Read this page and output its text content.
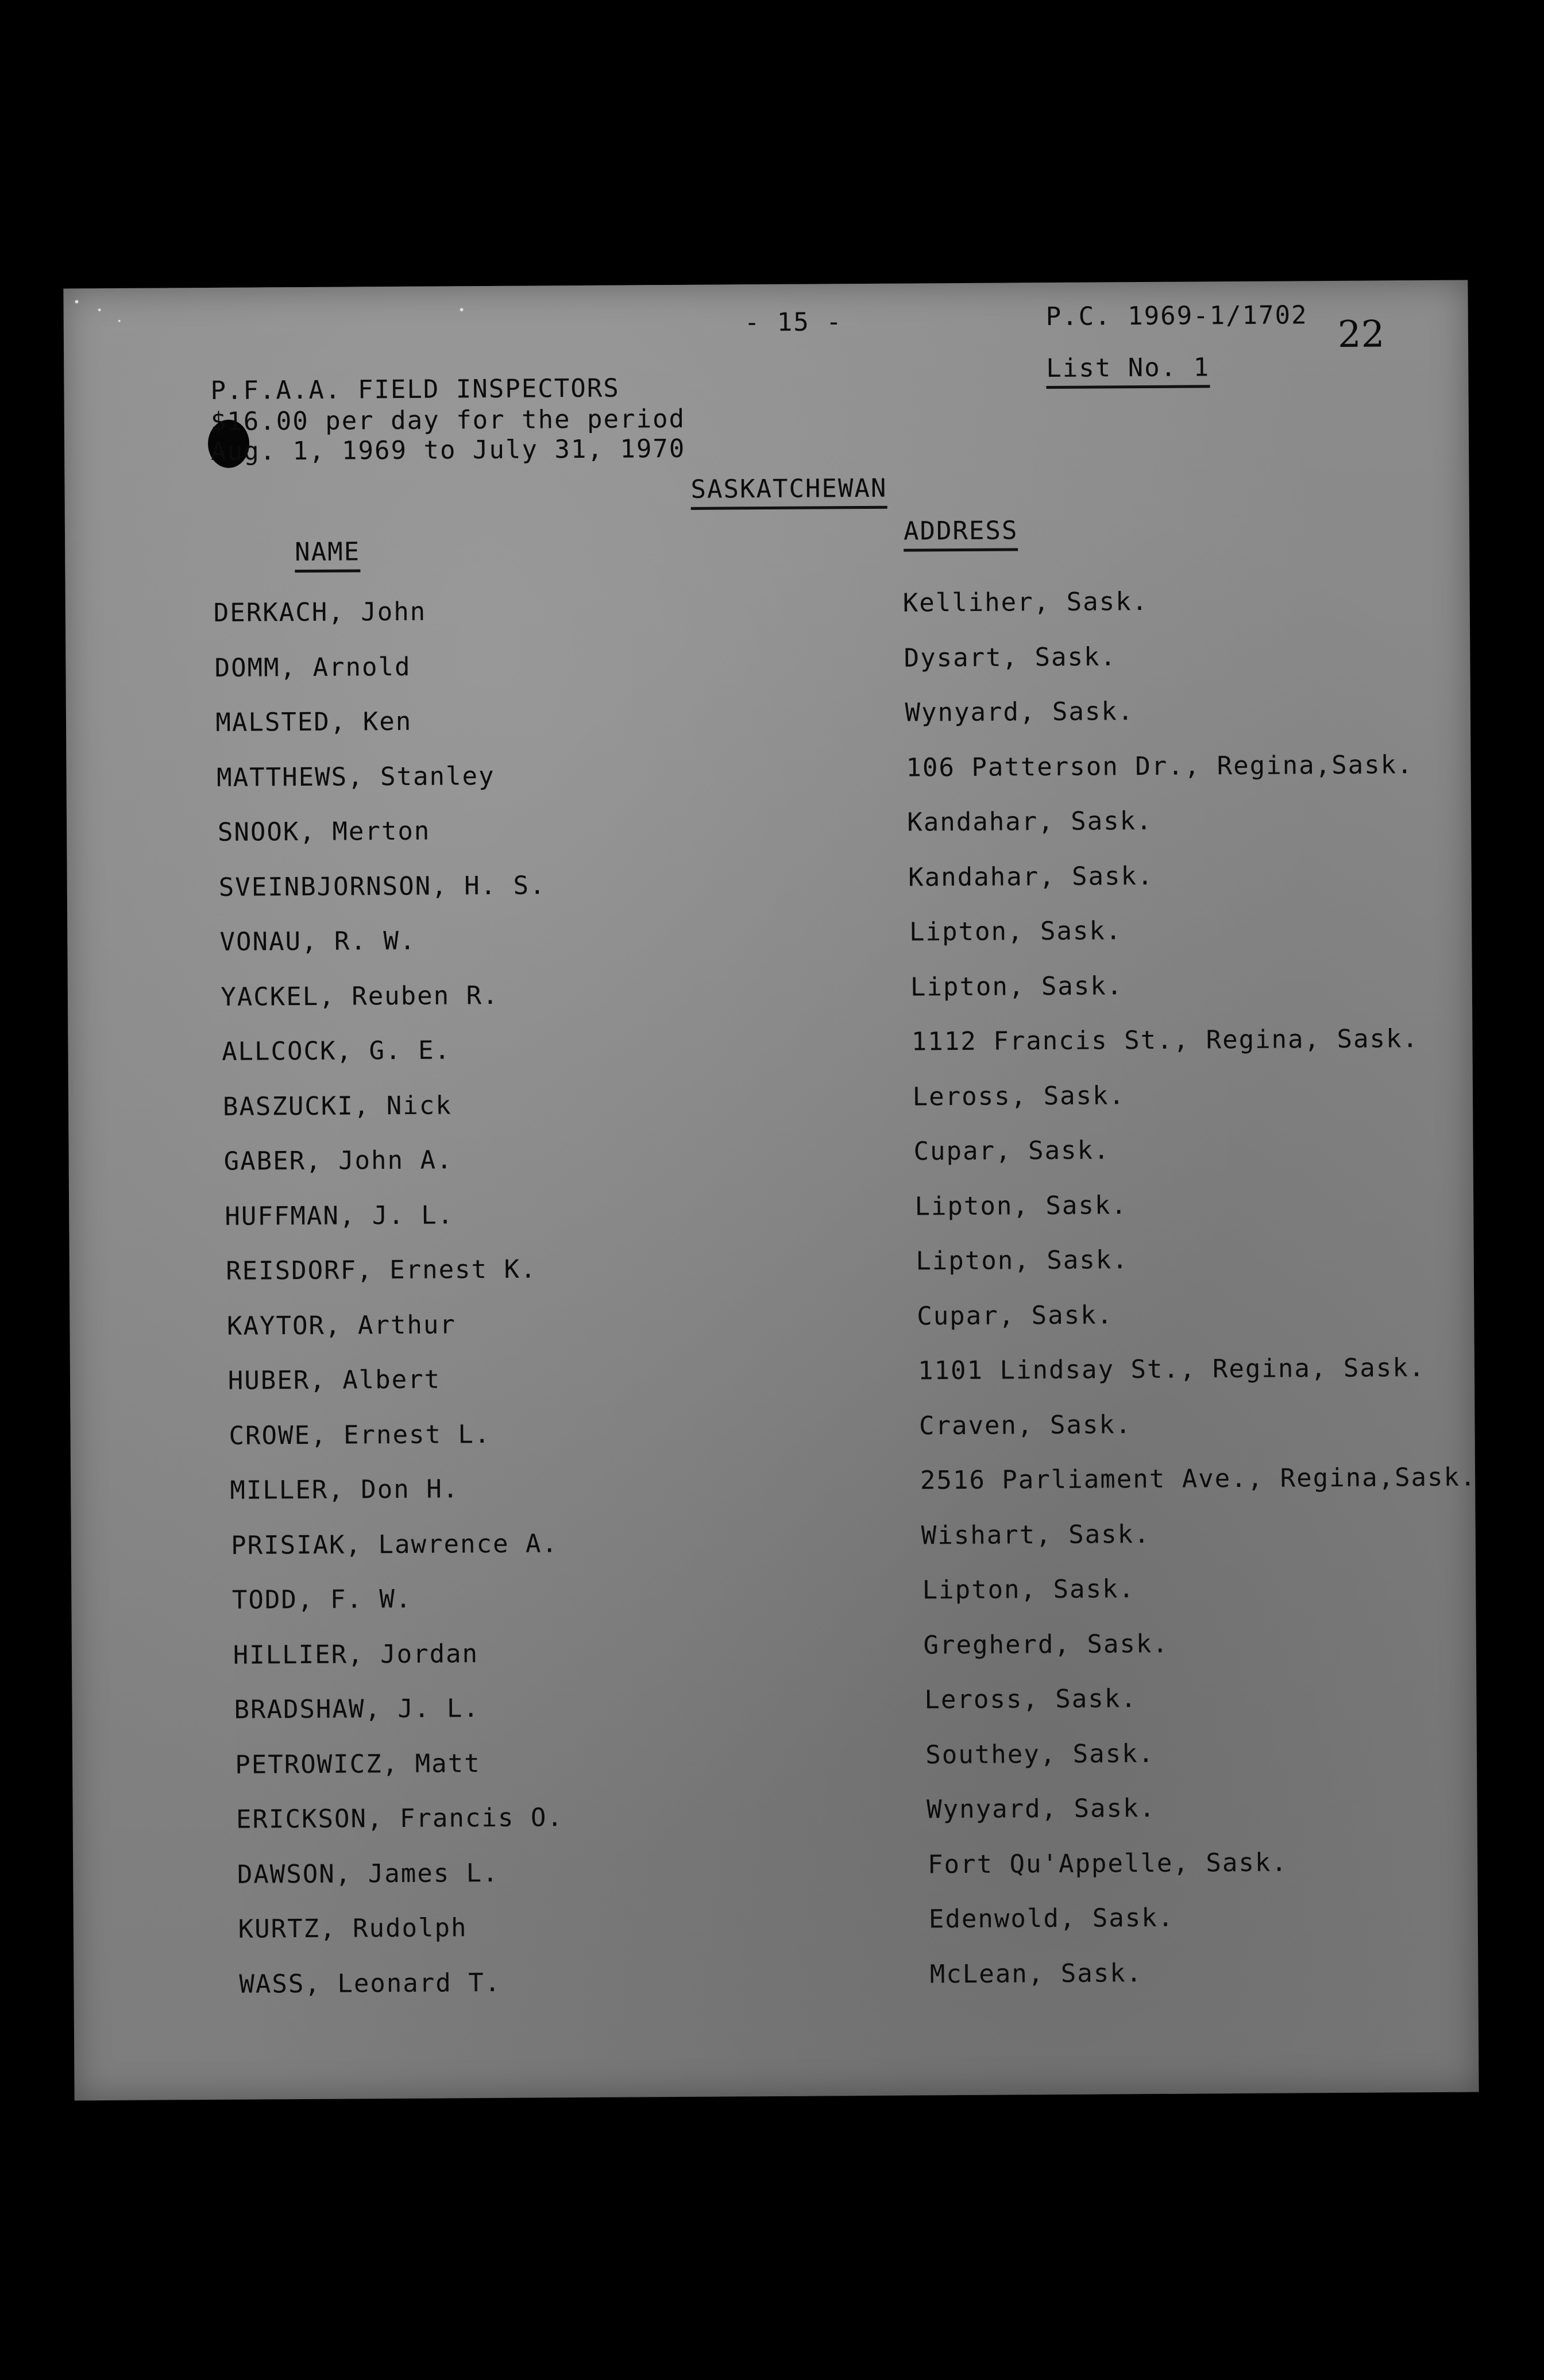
- 15 -	P.C. 1969-1/1702 22
List No. 1
P.F.A.A. FIELD INSPECTORS
$16.00 per day for the period
Aug. 1, 1969 to July 31, 1970
SASKATCHEWAN
NAME
ADDRESS
DERKACH, John	Kelliher, Sask.
DOMM, Arnold	Dysart, Sask.
MALSTED, Ken	Wynyard, Sask.
MATTHEWS, Stanley	106 Patterson Dr., Regina,Sask.
SNOOK, Merton	Kandahar, Sask.
SVEINBJORNSON, H. S.	Kandahar, Sask.
VONAU, R. W.	Lipton, Sask.
YACKEL, Reuben R.	Lipton, Sask.
ALLCOCK, G. E.	1112 Francis St., Regina, Sask.
BASZUCKI, Nick	Leross, Sask.
GABER, John A.	Cupar, Sask.
HUFFMAN, J. L.	Lipton, Sask.
REISDORF, Ernest K.	Lipton, Sask.
KAYTOR, Arthur	Cupar, Sask.
HUBER, Albert	1101 Lindsay St., Regina, Sask.
CROWE, Ernest L.	Craven, Sask.
MILLER, Don H.	2516 Parliament Ave., Regina,Sask.
PRISIAK, Lawrence A.	Wishart, Sask.
TODD, F. W.	Lipton, Sask.
HILLIER, Jordan	Gregherd, Sask.
BRADSHAW, J. L.	Leross, Sask.
PETROWICZ, Matt	Southey, Sask.
ERICKSON, Francis O.	Wynyard, Sask.
DAWSON, James L.	Fort Qu'Appelle, Sask.
KURTZ, Rudolph	Edenwold, Sask.
WASS, Leonard T.	McLean, Sask.
